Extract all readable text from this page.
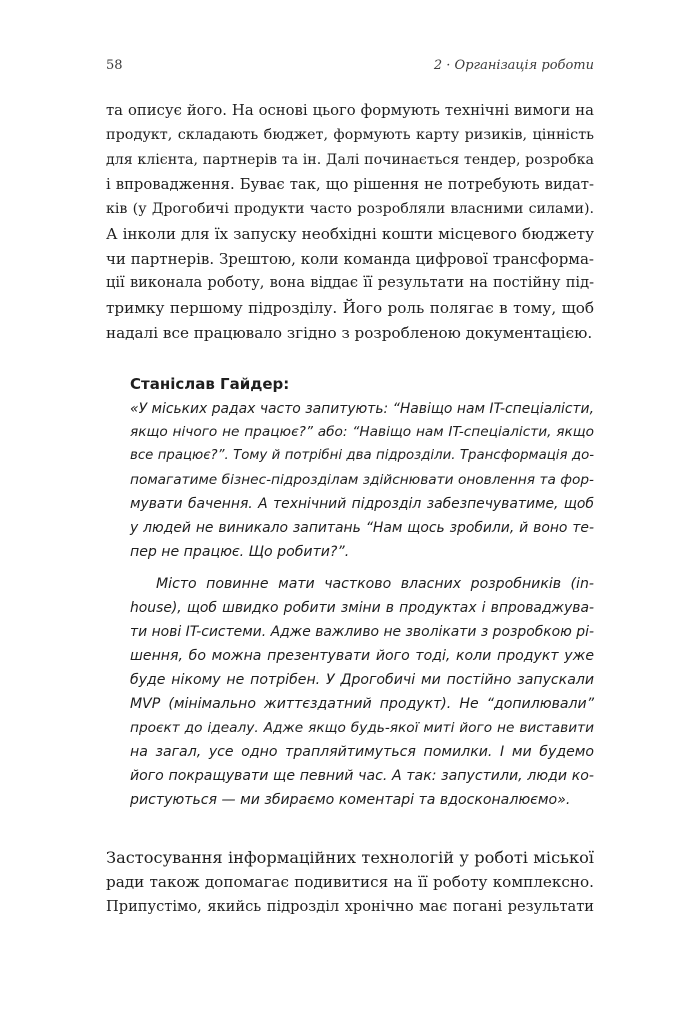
58	2 · Організація роботи
та описує його. На основі цього формують технічні вимоги на
продукт, складають бюджет, формують карту ризиків, цінність
для клієнта, партнерів та ін. Далі починається тендер, розробка
і впровадження. Буває так, що рішення не потребують видат-
ків (у Дрогобичі продукти часто розробляли власними силами).
А інколи для їх запуску необхідні кошти місцевого бюджету
чи партнерів. Зрештою, коли команда цифрової трансформа-
ції виконала роботу, вона віддає її результати на постійну під-
тримку першому підрозділу. Його роль полягає в тому, щоб
надалі все працювало згідно з розробленою документацією.
Станіслав Гайдер:
«У міських радах часто запитують: “Навіщо нам IT-спеціалісти,
якщо нічого не працює?” або: “Навіщо нам IT-спеціалісти, якщо
все працює?”. Тому й потрібні два підрозділи. Трансформація до-
помагатиме бізнес-підрозділам здійснювати оновлення та фор-
мувати бачення. А технічний підрозділ забезпечуватиме, щоб
у людей не виникало запитань “Нам щось зробили, й воно те-
пер не працює. Що робити?”.
Місто повинне мати частково власних розробників (in-
house), щоб швидко робити зміни в продуктах і впроваджува-
ти нові IT-системи. Адже важливо не зволікати з розробкою рі-
шення, бо можна презентувати його тоді, коли продукт уже
буде нікому не потрібен. У Дрогобичі ми постійно запускали
MVP (мінімально життєздатний продукт). Не “допилювали”
проєкт до ідеалу. Адже якщо будь-якої миті його не виставити
на загал, усе одно трапляйтимуться помилки. І ми будемо
його покращувати ще певний час. А так: запустили, люди ко-
ристуються — ми збираємо коментарі та вдосконалюємо».
Застосування інформаційних технологій у роботі міської
ради також допомагає подивитися на її роботу комплексно.
Припустімо, якийсь підрозділ хронічно має погані результати
